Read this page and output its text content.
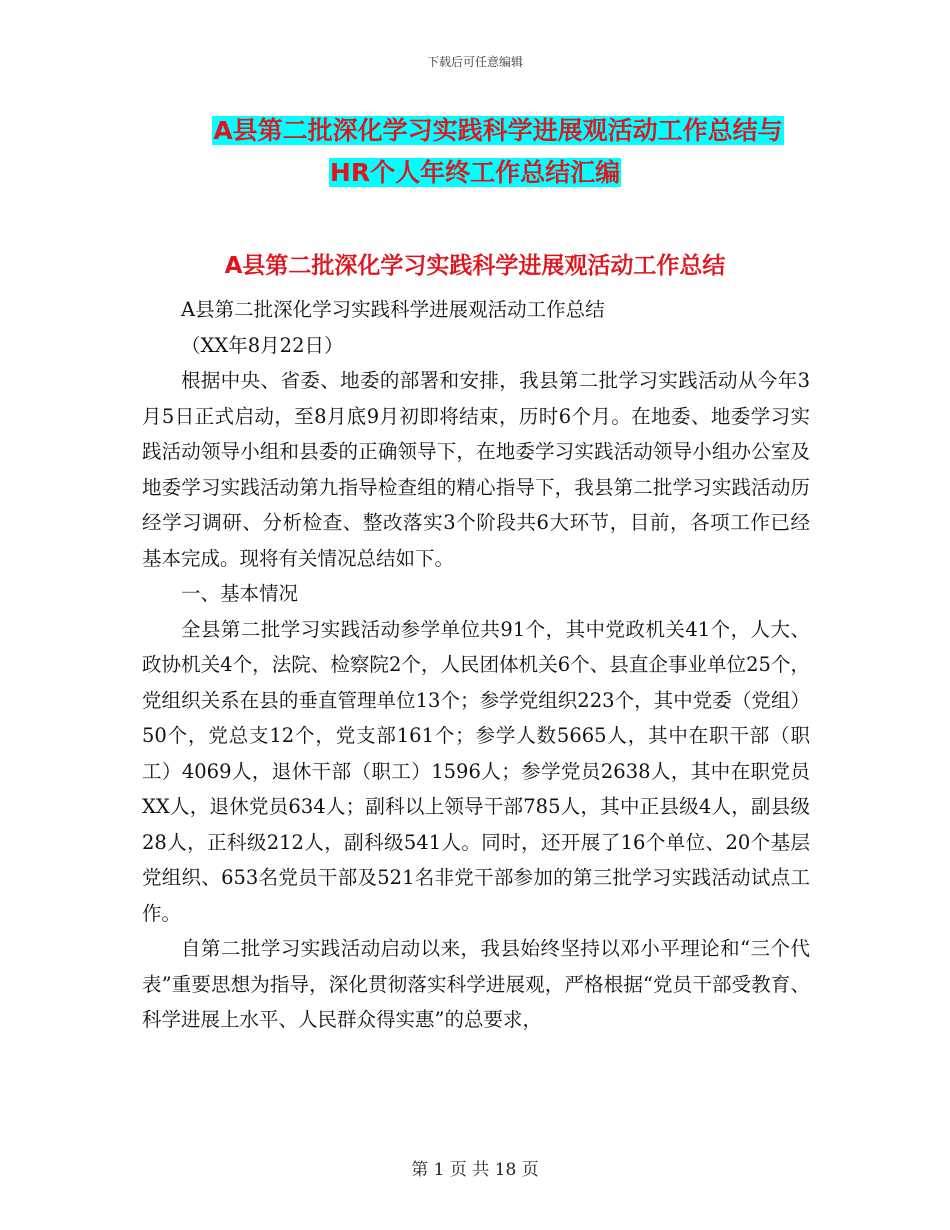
下载后可任意编辑
A县第二批深化学习实践科学进展观活动工作总结与
HR个人年终工作总结汇编
A县第二批深化学习实践科学进展观活动工作总结

A县第二批深化学习实践科学进展观活动工作总结

（XX年8月22日）

根据中央、省委、地委的部署和安排，我县第二批学习实践活动从今年3月5日正式启动，至8月底9月初即将结束，历时6个月。在地委、地委学习实践活动领导小组和县委的正确领导下，在地委学习实践活动领导小组办公室及地委学习实践活动第九指导检查组的精心指导下，我县第二批学习实践活动历经学习调研、分析检查、整改落实3个阶段共6大环节，目前，各项工作已经基本完成。现将有关情况总结如下。

一、基本情况

全县第二批学习实践活动参学单位共91个，其中党政机关41个，人大、政协机关4个，法院、检察院2个，人民团体机关6个、县直企事业单位25个，党组织关系在县的垂直管理单位13个；参学党组织223个，其中党委（党组）50个，党总支12个，党支部161个；参学人数5665人，其中在职干部（职工）4069人，退休干部（职工）1596人；参学党员2638人，其中在职党员XX人，退休党员634人；副科以上领导干部785人，其中正县级4人，副县级28人，正科级212人，副科级541人。同时，还开展了16个单位、20个基层党组织、653名党员干部及521名非党干部参加的第三批学习实践活动试点工作。

自第二批学习实践活动启动以来，我县始终坚持以邓小平理论和“三个代表”重要思想为指导，深化贯彻落实科学进展观，严格根据“党员干部受教育、科学进展上水平、人民群众得实惠”的总要求，

第 1 页 共 18 页
